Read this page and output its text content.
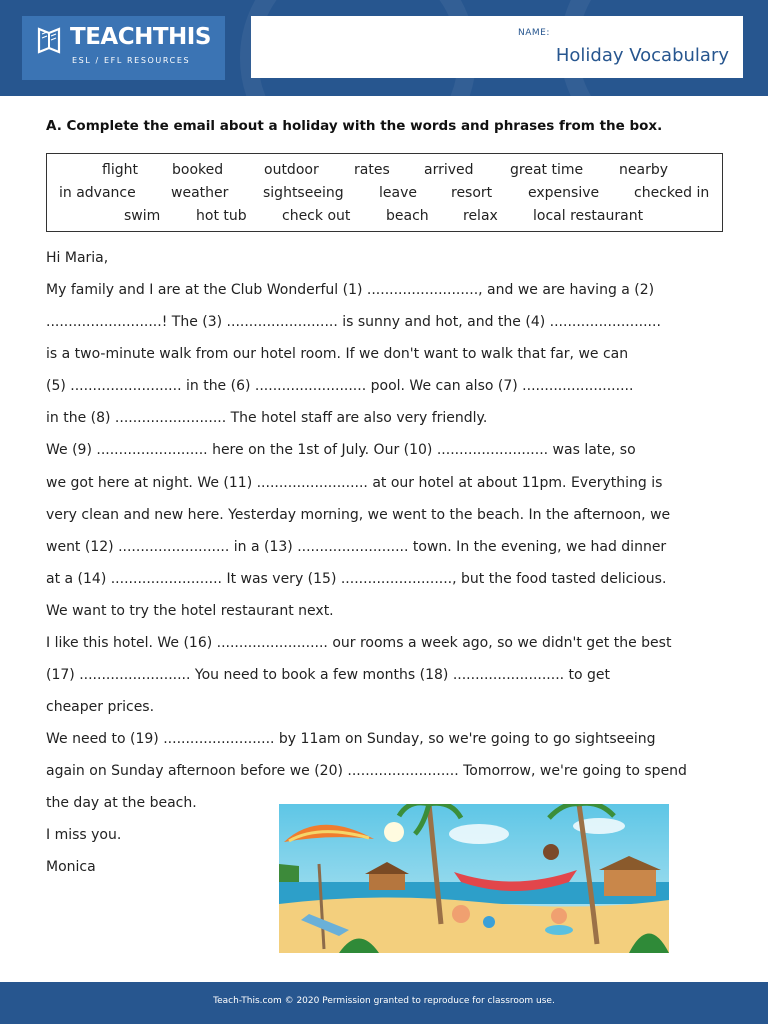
TEACHTHIS
ESL / EFL RESOURCES
NAME:
Holiday Vocabulary
A. Complete the email about a holiday with the words and phrases from the box.
flight booked	outdoor	rates arrived	great time	nearby
in advance	weather sightseeing	leave resort	expensive checked in
swim	hot tub	check out	beach relax	local restaurant
Hi Maria,
My family and I are at the Club Wonderful (1) ........................., and we are having a (2)
..........................! The (3) ......................... is sunny and hot, and the (4) .........................
is a two-minute walk from our hotel room. If we don't want to walk that far, we can
(5) ......................... in the (6) ......................... pool. We can also (7) .........................
in the (8) ......................... The hotel staff are also very friendly.
We (9) ......................... here on the 1st of July. Our (10) ......................... was late, so
we got here at night. We (11) ......................... at our hotel at about 11pm. Everything is
very clean and new here. Yesterday morning, we went to the beach. In the afternoon, we
went (12) ......................... in a (13) ......................... town. In the evening, we had dinner
at a (14) ......................... It was very (15) ........................., but the food tasted delicious.
We want to try the hotel restaurant next.
I like this hotel. We (16) ......................... our rooms a week ago, so we didn't get the best
(17) ......................... You need to book a few months (18) ......................... to get
cheaper prices.
We need to (19) ......................... by 11am on Sunday, so we're going to go sightseeing
again on Sunday afternoon before we (20) ......................... Tomorrow, we're going to spend
the day at the beach.
I miss you.
Monica
Teach-This.com © 2020 Permission granted to reproduce for classroom use.
